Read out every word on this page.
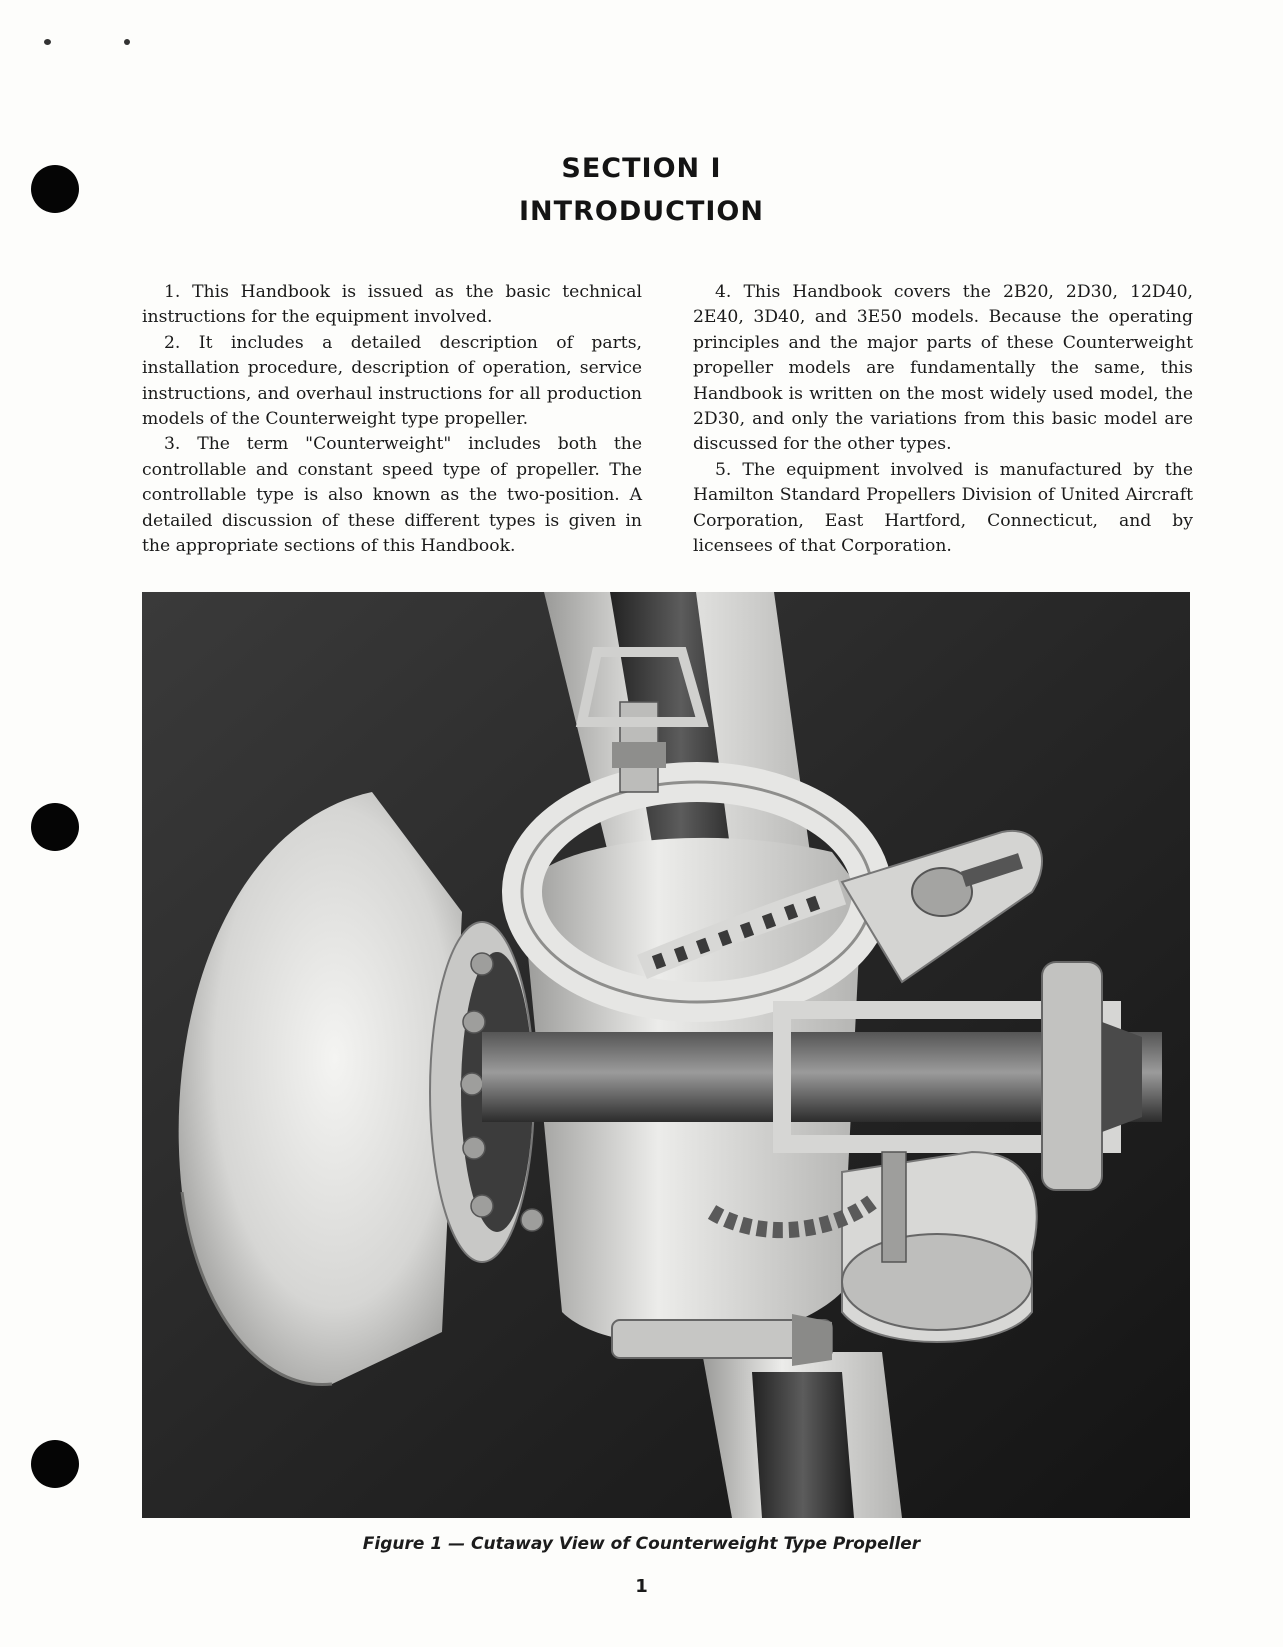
SECTION I
INTRODUCTION

1. This Handbook is issued as the basic technical instructions for the equipment involved.

2. It includes a detailed description of parts, installation procedure, description of operation, service instructions, and overhaul instructions for all production models of the Counterweight type propeller.

3. The term "Counterweight" includes both the controllable and constant speed type of propeller. The controllable type is also known as the two-position. A detailed discussion of these different types is given in the appropriate sections of this Handbook.

4. This Handbook covers the 2B20, 2D30, 12D40, 2E40, 3D40, and 3E50 models. Because the operating principles and the major parts of these Counterweight propeller models are fundamentally the same, this Handbook is written on the most widely used model, the 2D30, and only the variations from this basic model are discussed for the other types.

5. The equipment involved is manufactured by the Hamilton Standard Propellers Division of United Aircraft Corporation, East Hartford, Connecticut, and by licensees of that Corporation.

Figure 1 — Cutaway View of Counterweight Type Propeller
1
